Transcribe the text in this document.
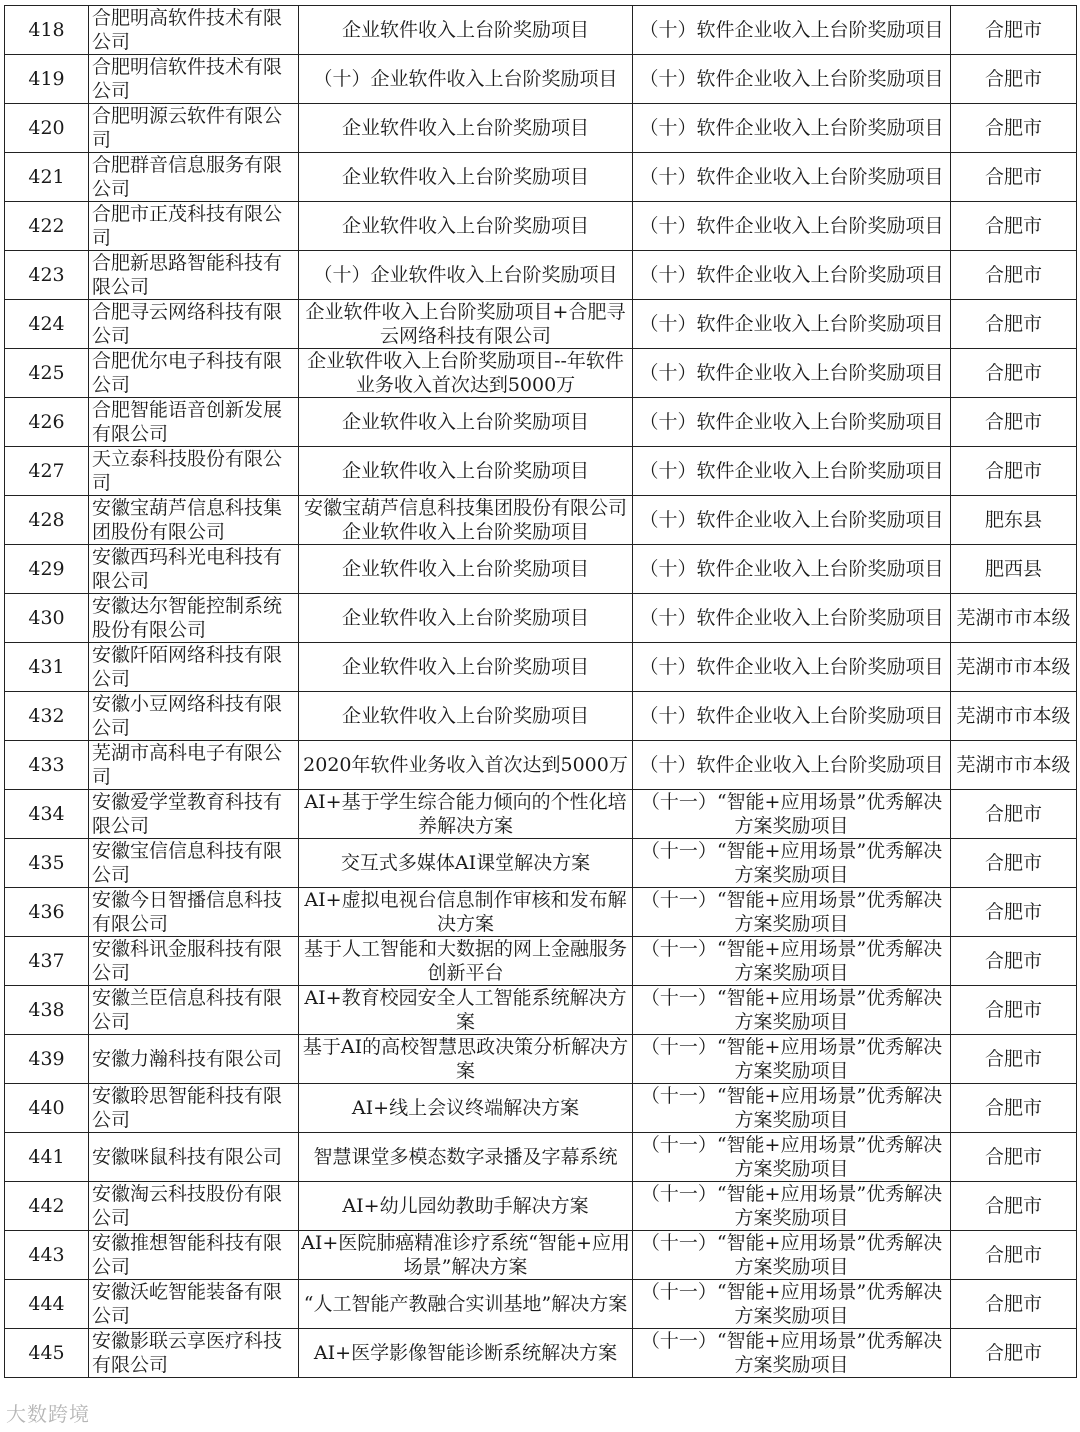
418	合肥明高软件技术有限公司	企业软件收入上台阶奖励项目	（十）软件企业收入上台阶奖励项目	合肥市
419	合肥明信软件技术有限公司	（十）企业软件收入上台阶奖励项目	（十）软件企业收入上台阶奖励项目	合肥市
420	合肥明源云软件有限公司	企业软件收入上台阶奖励项目	（十）软件企业收入上台阶奖励项目	合肥市
421	合肥群音信息服务有限公司	企业软件收入上台阶奖励项目	（十）软件企业收入上台阶奖励项目	合肥市
422	合肥市正茂科技有限公司	企业软件收入上台阶奖励项目	（十）软件企业收入上台阶奖励项目	合肥市
423	合肥新思路智能科技有限公司	（十）企业软件收入上台阶奖励项目	（十）软件企业收入上台阶奖励项目	合肥市
424	合肥寻云网络科技有限公司	企业软件收入上台阶奖励项目+合肥寻云网络科技有限公司	（十）软件企业收入上台阶奖励项目	合肥市
425	合肥优尔电子科技有限公司	企业软件收入上台阶奖励项目--年软件业务收入首次达到5000万	（十）软件企业收入上台阶奖励项目	合肥市
426	合肥智能语音创新发展有限公司	企业软件收入上台阶奖励项目	（十）软件企业收入上台阶奖励项目	合肥市
427	天立泰科技股份有限公司	企业软件收入上台阶奖励项目	（十）软件企业收入上台阶奖励项目	合肥市
428	安徽宝葫芦信息科技集团股份有限公司	安徽宝葫芦信息科技集团股份有限公司企业软件收入上台阶奖励项目	（十）软件企业收入上台阶奖励项目	肥东县
429	安徽西玛科光电科技有限公司	企业软件收入上台阶奖励项目	（十）软件企业收入上台阶奖励项目	肥西县
430	安徽达尔智能控制系统股份有限公司	企业软件收入上台阶奖励项目	（十）软件企业收入上台阶奖励项目	芜湖市市本级
431	安徽阡陌网络科技有限公司	企业软件收入上台阶奖励项目	（十）软件企业收入上台阶奖励项目	芜湖市市本级
432	安徽小豆网络科技有限公司	企业软件收入上台阶奖励项目	（十）软件企业收入上台阶奖励项目	芜湖市市本级
433	芜湖市高科电子有限公司	2020年软件业务收入首次达到5000万	（十）软件企业收入上台阶奖励项目	芜湖市市本级
434	安徽爱学堂教育科技有限公司	AI+基于学生综合能力倾向的个性化培养解决方案	（十一）“智能+应用场景”优秀解决方案奖励项目	合肥市
435	安徽宝信信息科技有限公司	交互式多媒体AI课堂解决方案	（十一）“智能+应用场景”优秀解决方案奖励项目	合肥市
436	安徽今日智播信息科技有限公司	AI+虚拟电视台信息制作审核和发布解决方案	（十一）“智能+应用场景”优秀解决方案奖励项目	合肥市
437	安徽科讯金服科技有限公司	基于人工智能和大数据的网上金融服务创新平台	（十一）“智能+应用场景”优秀解决方案奖励项目	合肥市
438	安徽兰臣信息科技有限公司	AI+教育校园安全人工智能系统解决方案	（十一）“智能+应用场景”优秀解决方案奖励项目	合肥市
439	安徽力瀚科技有限公司	基于AI的高校智慧思政决策分析解决方案	（十一）“智能+应用场景”优秀解决方案奖励项目	合肥市
440	安徽聆思智能科技有限公司	AI+线上会议终端解决方案	（十一）“智能+应用场景”优秀解决方案奖励项目	合肥市
441	安徽咪鼠科技有限公司	智慧课堂多模态数字录播及字幕系统	（十一）“智能+应用场景”优秀解决方案奖励项目	合肥市
442	安徽淘云科技股份有限公司	AI+幼儿园幼教助手解决方案	（十一）“智能+应用场景”优秀解决方案奖励项目	合肥市
443	安徽推想智能科技有限公司	AI+医院肺癌精准诊疗系统“智能+应用场景”解决方案	（十一）“智能+应用场景”优秀解决方案奖励项目	合肥市
444	安徽沃屹智能装备有限公司	“人工智能产教融合实训基地”解决方案	（十一）“智能+应用场景”优秀解决方案奖励项目	合肥市
445	安徽影联云享医疗科技有限公司	AI+医学影像智能诊断系统解决方案	（十一）“智能+应用场景”优秀解决方案奖励项目	合肥市
大数跨境
